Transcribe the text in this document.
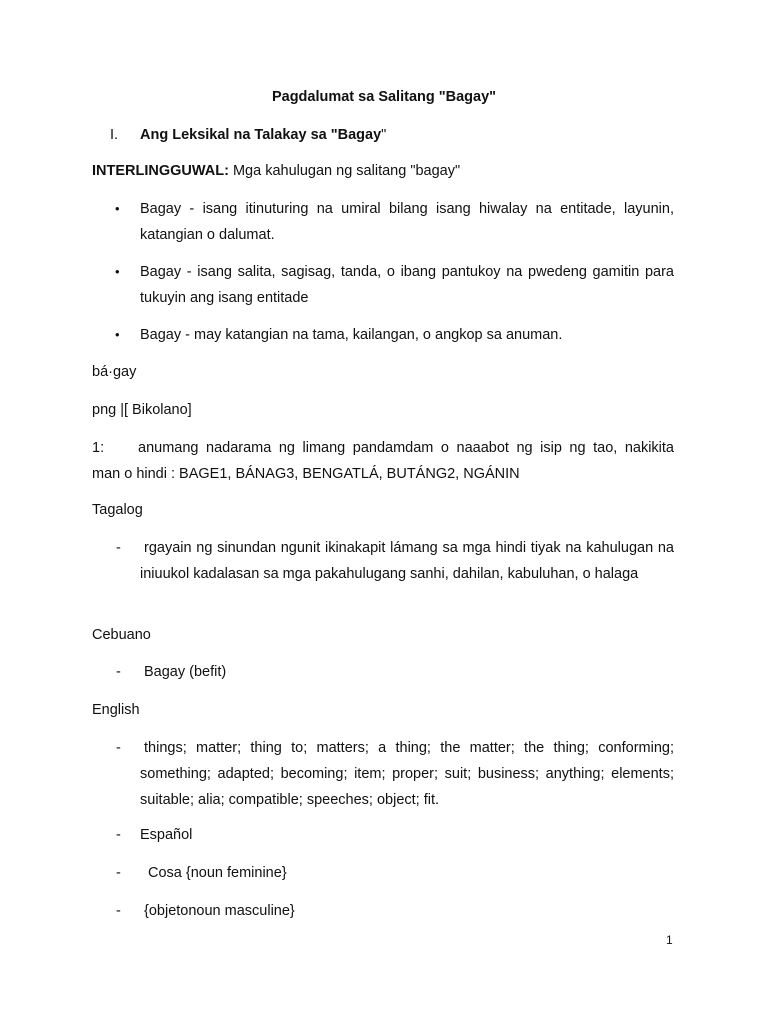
Pagdalumat sa Salitang "Bagay"
I. Ang Leksikal na Talakay sa "Bagay"
INTERLINGGUWAL: Mga kahulugan ng salitang "bagay"
•	Bagay - isang itinuturing na umiral bilang isang hiwalay na entitade, layunin, katangian o dalumat.
•	Bagay - isang salita, sagisag, tanda, o ibang pantukoy na pwedeng gamitin para tukuyin ang isang entitade
•	Bagay - may katangian na tama, kailangan, o angkop sa anuman.
bá·gay
png |[ Bikolano]
1:	anumang nadarama ng limang pandamdam o naaabot ng isip ng tao, nakikita
man o hindi : BAGE1, BÁNAG3, BENGATLÁ, BUTÁNG2, NGÁNIN
Tagalog
- rgayain ng sinundan ngunit ikinakapit lámang sa mga hindi tiyak na kahulugan na iniuukol kadalasan sa mga pakahulugang sanhi, dahilan, kabuluhan, o halaga
Cebuano
- Bagay (befit)
English
- things; matter; thing to; matters; a thing; the matter; the thing; conforming; something; adapted; becoming; item; proper; suit; business; anything; elements; suitable; alia; compatible; speeches; object; fit.
- Español
-	Cosa {noun feminine}
- {objetonoun masculine}
1
